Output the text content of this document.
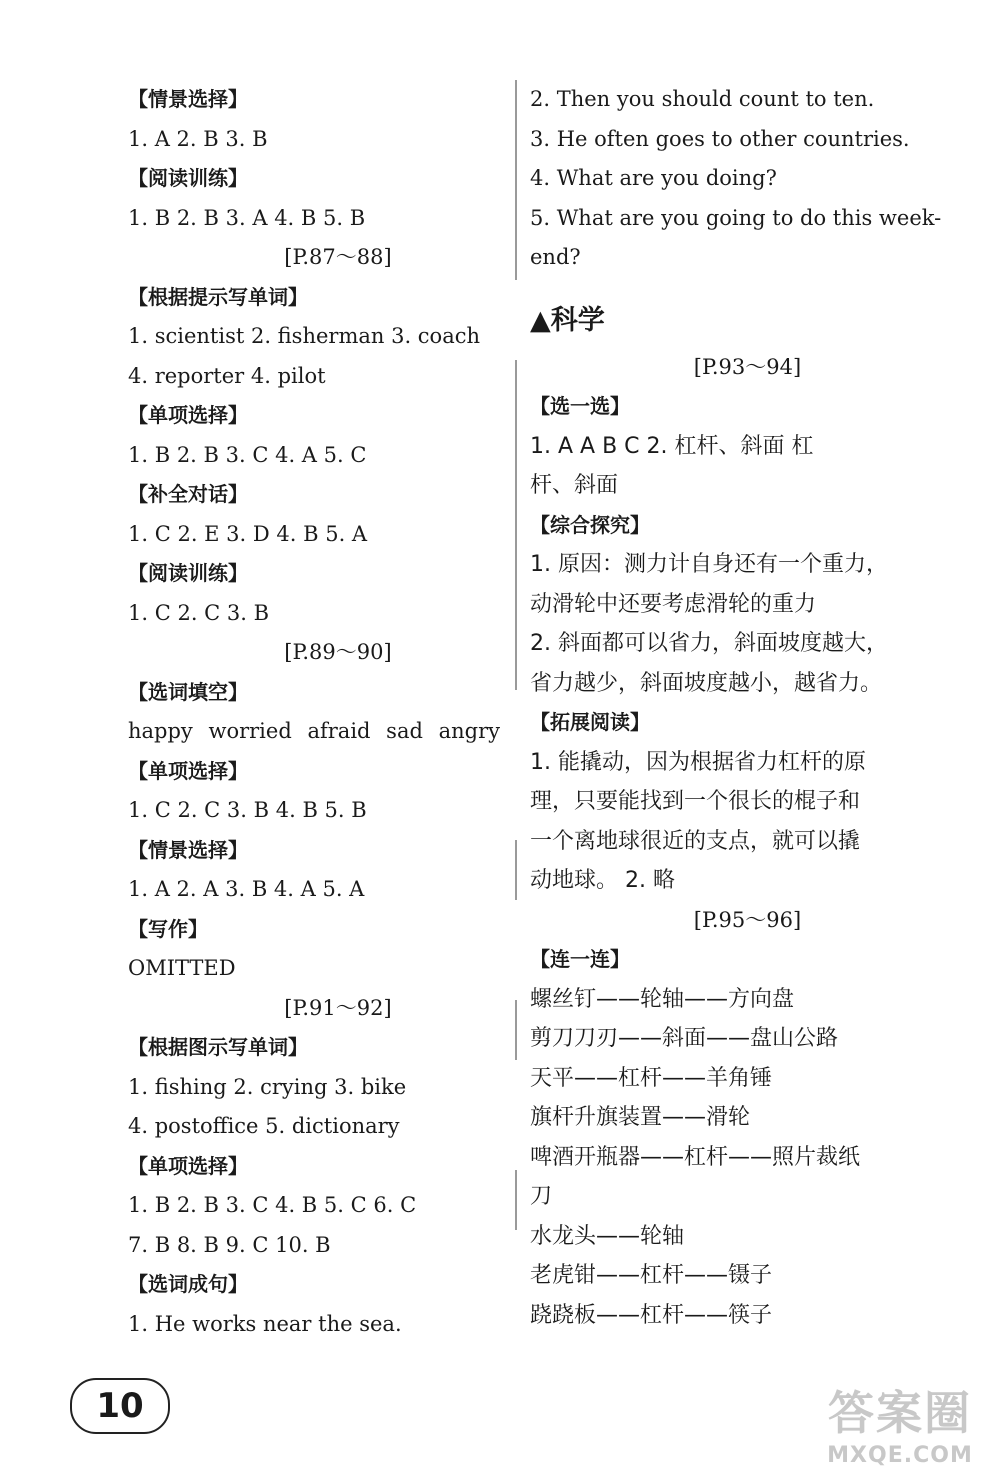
【情景选择】
1. A 2. B 3. B
【阅读训练】
1. B 2. B 3. A 4. B 5. B
[P.87～88]
【根据提示写单词】
1. scientist 2. fisherman 3. coach
4. reporter 4. pilot
【单项选择】
1. B 2. B 3. C 4. A 5. C
【补全对话】
1. C 2. E 3. D 4. B 5. A
【阅读训练】
1. C 2. C 3. B
[P.89～90]
【选词填空】
happy worried afraid sad angry
【单项选择】
1. C 2. C 3. B 4. B 5. B
【情景选择】
1. A 2. A 3. B 4. A 5. A
【写作】
OMITTED
[P.91～92]
【根据图示写单词】
1. fishing 2. crying 3. bike
4. postoffice 5. dictionary
【单项选择】
1. B 2. B 3. C 4. B 5. C 6. C
7. B 8. B 9. C 10. B
【选词成句】
1. He works near the sea.
2. Then you should count to ten.
3. He often goes to other countries.
4. What are you doing?
5. What are you going to do this week-
end?
▲科学
[P.93～94]
【选一选】
1. A A B C 2. 杠杆、斜面 杠
杆、斜面
【综合探究】
1. 原因：测力计自身还有一个重力，
动滑轮中还要考虑滑轮的重力
2. 斜面都可以省力，斜面坡度越大，
省力越少，斜面坡度越小，越省力。
【拓展阅读】
1. 能撬动，因为根据省力杠杆的原
理，只要能找到一个很长的棍子和
一个离地球很近的支点，就可以撬
动地球。 2. 略
[P.95～96]
【连一连】
螺丝钉——轮轴——方向盘
剪刀刀刃——斜面——盘山公路
天平——杠杆——羊角锤
旗杆升旗装置——滑轮
啤酒开瓶器——杠杆——照片裁纸
刀
水龙头——轮轴
老虎钳——杠杆——镊子
跷跷板——杠杆——筷子
10	答案圈
MXQE.COM
